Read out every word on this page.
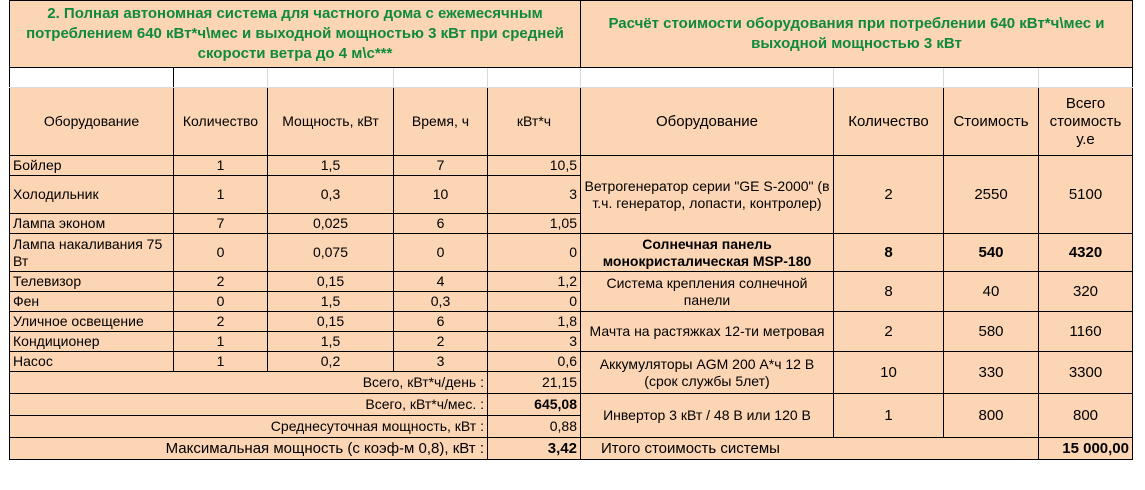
2. Полная автономная система для частного дома с ежемесячным потреблением 640 кВт*ч\мес и выходной мощностью 3 кВт при средней скорости ветра до 4 м\с***					Расчёт стоимости оборудования при потреблении 640 кВт*ч\мес и выходной мощностью 3 кВт			

Оборудование	Количество	Мощность, кВт	Время, ч	кВт*ч	Оборудование	Количество	Стоимость	Всего стоимость у.е
Бойлер	1	1,5	7	10,5	Ветрогенератор серии "GE S-2000" (в т.ч. генератор, лопасти, контролер)	2	2550	5100
Холодильник	1	0,3	10	3				
Лампа эконом	7	0,025	6	1,05				
Лампа накаливания 75 Вт	0	0,075	0	0	Солнечная панель монокристалическая MSP-180	8	540	4320
Телевизор	2	0,15	4	1,2	Система крепления солнечной панели	8	40	320
Фен	0	1,5	0,3	0				
Уличное освещение	2	0,15	6	1,8	Мачта на растяжках 12-ти метровая	2	580	1160
Кондиционер	1	1,5	2	3				
Насос	1	0,2	3	0,6	Аккумуляторы AGM 200 А*ч 12 В (срок службы 5лет)	10	330	3300
Всего, кВт*ч/день :				21,15				
Всего, кВт*ч/мес. :				645,08	Инвертор 3 кВт / 48 В или 120 В	1	800	800
Среднесуточная мощность, кВт :				0,88				
Максимальная мощность (с коэф-м 0,8), кВт :				3,42	Итого стоимость системы			15 000,00
